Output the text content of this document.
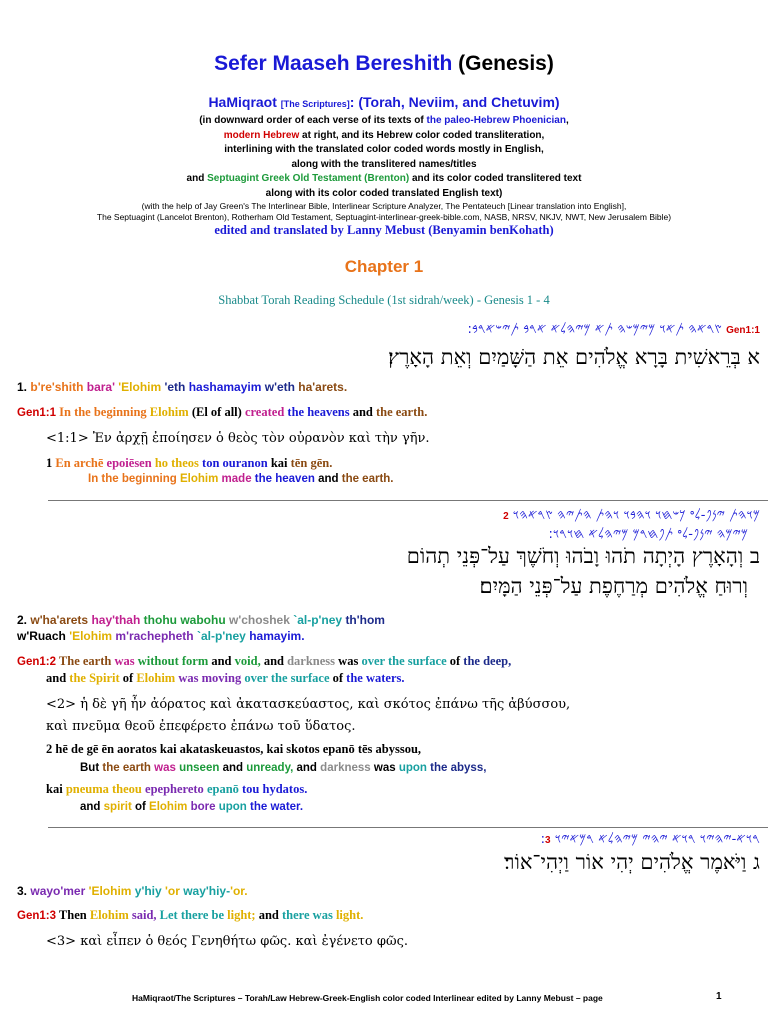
Sefer Maaseh Bereshith (Genesis)
HaMiqraot [The Scriptures]: (Torah, Neviim, and Chetuvim)
(in downward order of each verse of its texts of the paleo-Hebrew Phoenician,
modern Hebrew at right, and its Hebrew color coded transliteration,
interlining with the translated color coded words mostly in English,
along with the translitered names/titles
and Septuagint Greek Old Testament (Brenton) and its color coded translitered text
along with its color coded translated English text)
(with the help of Jay Green's The Interlinear Bible, Interlinear Scripture Analyzer, The Pentateuch [Linear translation into English],
The Septuagint (Lancelot Brenton), Rotherham Old Testament, Septuagint-interlinear-greek-bible.com, NASB, NRSV, NKJV, NWT, New Jerusalem Bible)
edited and translated by Lanny Mebust (Benyamin benKohath)
Chapter 1
Shabbat Torah Reading Schedule (1st sidrah/week) - Genesis 1 - 4
:𐤑𐤓𐤀𐤄 𐤕𐤀𐤅 𐤌𐤉𐤌𐤔𐤄 𐤕𐤀 𐤌𐤉𐤄𐤋𐤀 𐤀𐤓𐤁 𐤕𐤉𐤔𐤀𐤓𐤁 Gen1:1
א בְּרֵאשִׁית בָּרָא אֱלֹהִים אֵת הַשָּׁמַיִם וְאֵת הָאָרֶץ׃
1. b're'shith bara' 'Elohim 'eth hashamayim w'eth ha'arets.
Gen1:1 In the beginning Elohim (El of all) created the heavens and the earth.
<1:1> Ἐν ἀρχῇ ἐποίησεν ὁ θεὸς τὸν οὐρανὸν καὶ τὴν γῆν.
1 En archē epoiēsen ho theos ton ouranon kai tēn gēn.
In the beginning Elohim made the heaven and the earth.
𐤌𐤅𐤄𐤕 𐤉𐤍𐤐-𐤋𐤏 𐤊𐤔𐤇𐤅 𐤅𐤄𐤁𐤅 𐤅𐤄𐤕 𐤄𐤕𐤉𐤄 𐤑𐤓𐤀𐤄𐤅 2
:𐤌𐤉𐤌𐤄 𐤉𐤍𐤐-𐤋𐤏 𐤕𐤐𐤇𐤓𐤌 𐤌𐤉𐤄𐤋𐤀 𐤇𐤅𐤓𐤅
ב וְהָאָרֶץ הָיְתָה תֹהוּ וָבֹהוּ וְחֹשֶׁךְ עַל־פְּנֵי תְהוֹם
וְרוּחַ אֱלֹהִים מְרַחֶפֶת עַל־פְּנֵי הַמָּיִם׃
2. w'ha'arets hay'thah thohu wabohu w'choshek `al-p'ney th'hom
w'Ruach 'Elohim m'rachepheth `al-p'ney hamayim.
Gen1:2 The earth was without form and void, and darkness was over the surface of the deep,
and the Spirit of Elohim was moving over the surface of the waters.
<2> ἡ δὲ γῆ ἦν ἀόρατος καὶ ἀκατασκεύαστος, καὶ σκότος ἐπάνω τῆς ἀβύσσου,
καὶ πνεῦμα θεοῦ ἐπεφέρετο ἐπάνω τοῦ ὕδατος.
2 hē de gē ēn aoratos kai akataskeuastos, kai skotos epanō tēs abyssou,
But the earth was unseen and unready, and darkness was upon the abyss,
kai pneuma theou epephereto epanō tou hydatos.
and spirit of Elohim bore upon the water.
:𐤓𐤅𐤀-𐤉𐤄𐤉𐤅 𐤓𐤅𐤀 𐤉𐤄𐤉 𐤌𐤉𐤄𐤋𐤀 𐤓𐤌𐤀𐤉𐤅 3
ג וַיֹּאמֶר אֱלֹהִים יְהִי אוֹר וַיְהִי־אוֹר׃
3. wayo'mer 'Elohim y'hiy 'or way'hiy-'or.
Gen1:3 Then Elohim said, Let there be light; and there was light.
<3> καὶ εἶπεν ὁ θεός Γενηθήτω φῶς. καὶ ἐγένετο φῶς.
HaMiqraot/The Scriptures – Torah/Law Hebrew-Greek-English color coded Interlinear edited by Lanny Mebust – page	1
